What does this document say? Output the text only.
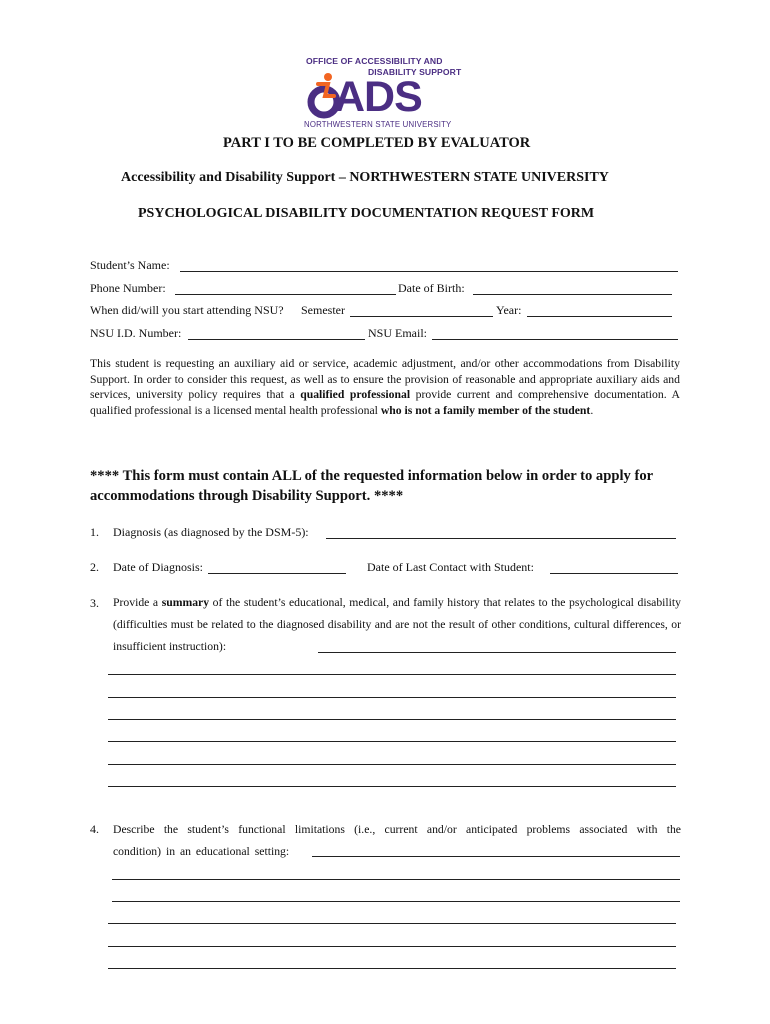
OFFICE OF ACCESSIBILITY AND
DISABILITY SUPPORT
ADS
NORTHWESTERN STATE UNIVERSITY
PART I TO BE COMPLETED BY EVALUATOR
Accessibility and Disability Support – NORTHWESTERN STATE UNIVERSITY
PSYCHOLOGICAL DISABILITY DOCUMENTATION REQUEST FORM
Student’s Name:
Phone Number:	Date of Birth:
When did/will you start attending NSU? Semester	Year:
NSU I.D. Number:	NSU Email:
This student is requesting an auxiliary aid or service, academic adjustment, and/or other accommodations from Disability Support. In order to consider this request, as well as to ensure the provision of reasonable and appropriate auxiliary aids and services, university policy requires that a qualified professional provide current and comprehensive documentation. A qualified professional is a licensed mental health professional who is not a family member of the student.
**** This form must contain ALL of the requested information below in order to apply for accommodations through Disability Support. ****
1. Diagnosis (as diagnosed by the DSM-5):
2. Date of Diagnosis:	Date of Last Contact with Student:
3. Provide a summary of the student’s educational, medical, and family history that relates to the psychological disability (difficulties must be related to the diagnosed disability and are not the result of other conditions, cultural differences, or insufficient instruction):
4. Describe the student’s functional limitations (i.e., current and/or anticipated problems associated with the condition) in an educational setting:
